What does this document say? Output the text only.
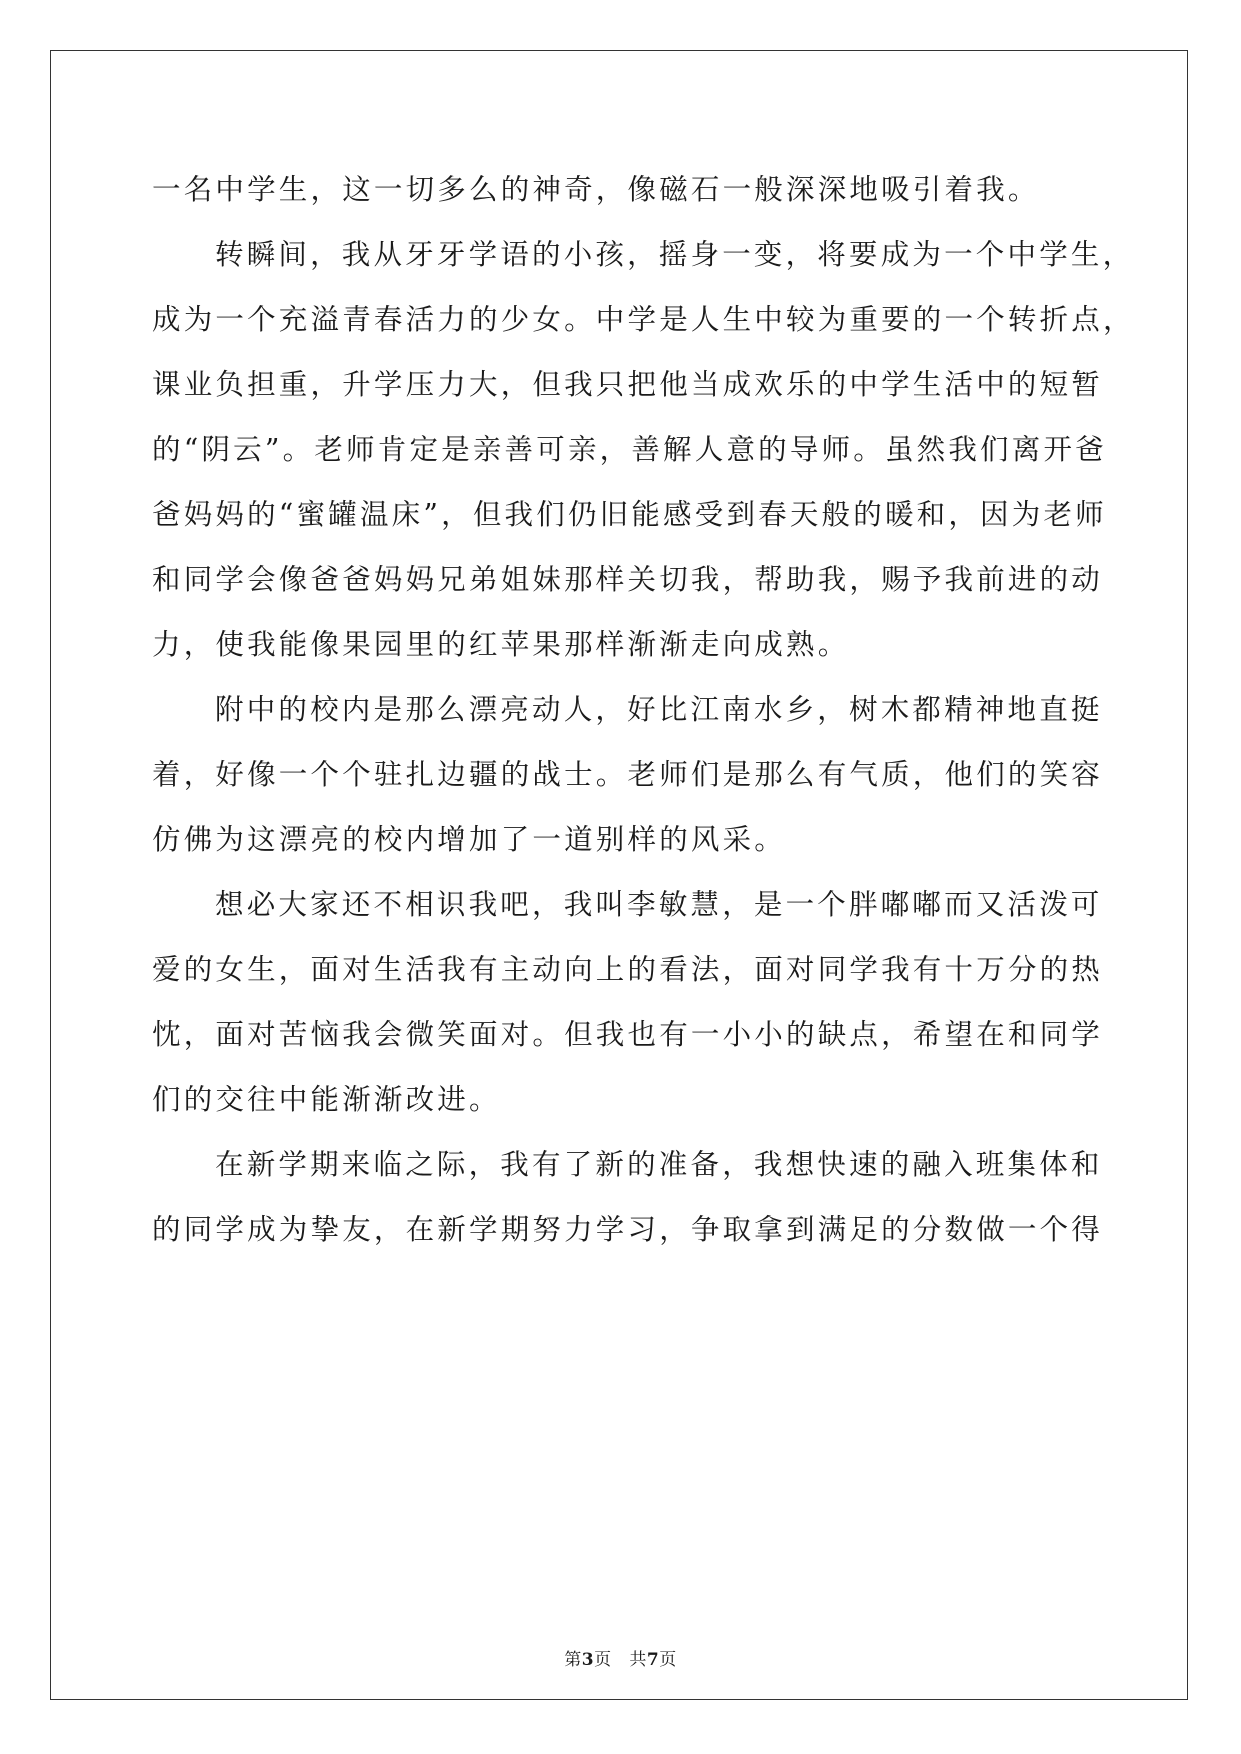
一名中学生，这一切多么的神奇，像磁石一般深深地吸引着我。
转瞬间，我从牙牙学语的小孩，摇身一变，将要成为一个中学生，
成为一个充溢青春活力的少女。中学是人生中较为重要的一个转折点，
课业负担重，升学压力大，但我只把他当成欢乐的中学生活中的短暂
的“阴云”。老师肯定是亲善可亲，善解人意的导师。虽然我们离开爸
爸妈妈的“蜜罐温床”，但我们仍旧能感受到春天般的暖和，因为老师
和同学会像爸爸妈妈兄弟姐妹那样关切我，帮助我，赐予我前进的动
力，使我能像果园里的红苹果那样渐渐走向成熟。
附中的校内是那么漂亮动人，好比江南水乡，树木都精神地直挺
着，好像一个个驻扎边疆的战士。老师们是那么有气质，他们的笑容
仿佛为这漂亮的校内增加了一道别样的风采。
想必大家还不相识我吧，我叫李敏慧，是一个胖嘟嘟而又活泼可
爱的女生，面对生活我有主动向上的看法，面对同学我有十万分的热
忱，面对苦恼我会微笑面对。但我也有一小小的缺点，希望在和同学
们的交往中能渐渐改进。
在新学期来临之际，我有了新的准备，我想快速的融入班集体和
的同学成为挚友，在新学期努力学习，争取拿到满足的分数做一个得
第3页 共7页
